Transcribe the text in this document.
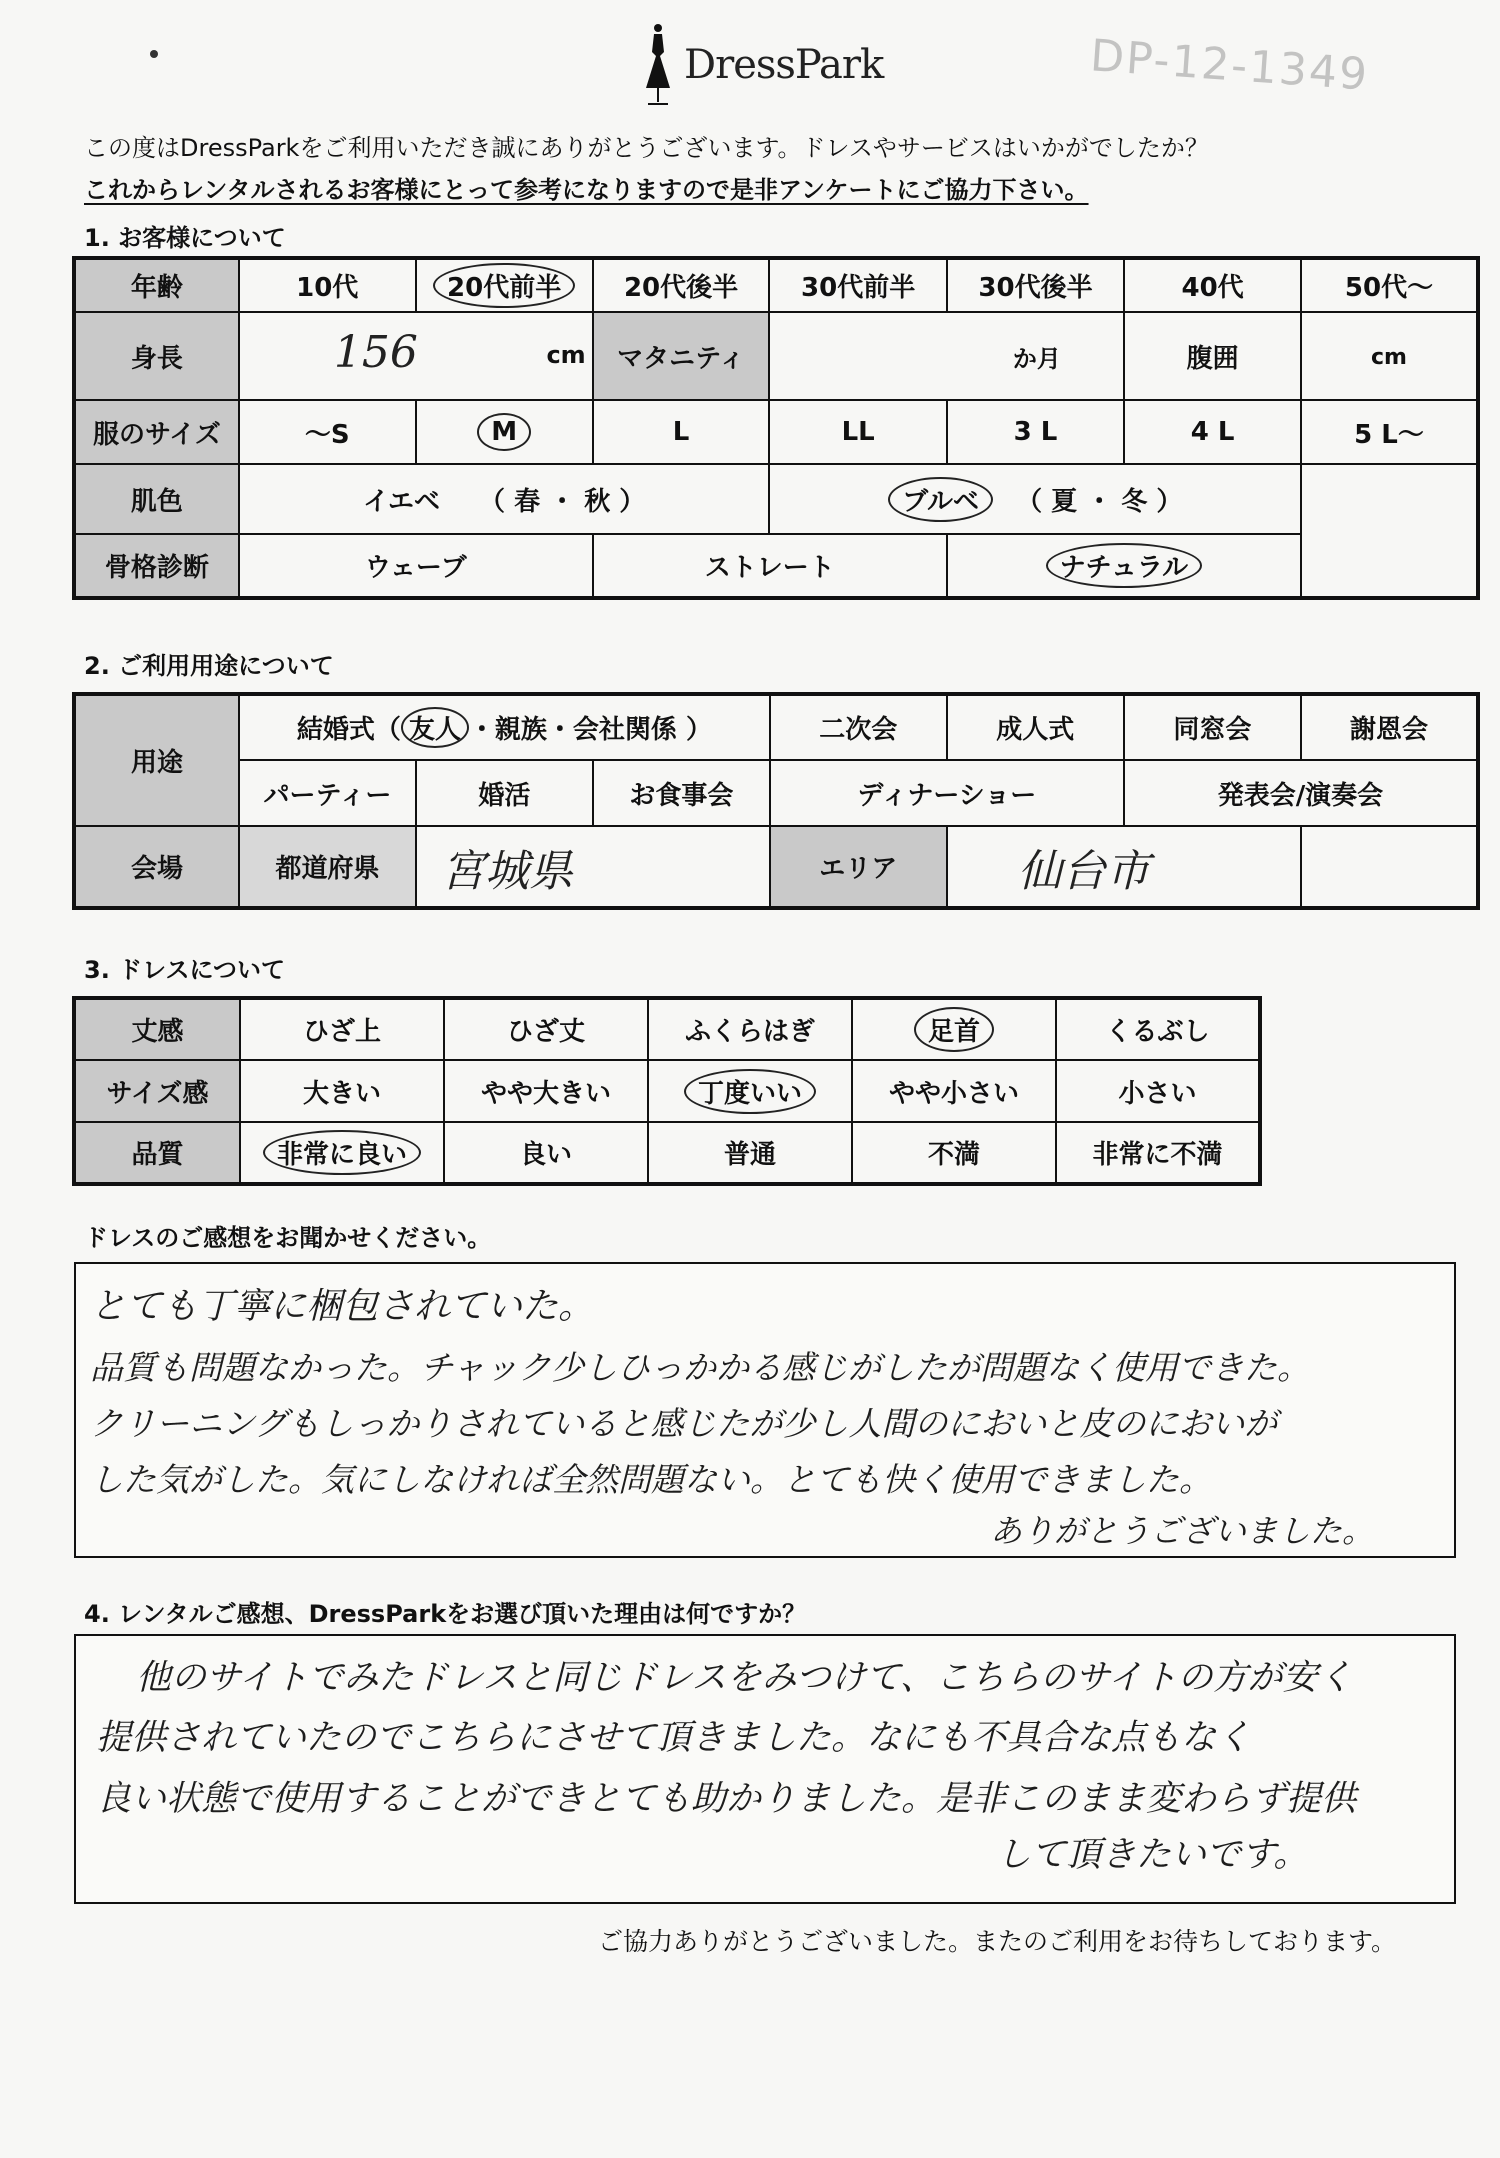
DressPark	DP-12-1349
この度はDressParkをご利用いただき誠にありがとうございます。ドレスやサービスはいかがでしたか？
これからレンタルされるお客様にとって参考になりますので是非アンケートにご協力下さい。
1. お客様について
年齢	10代	20代前半	20代後半	30代前半	30代後半	40代	50代〜
身長	156 cm		マタニティ	か月		腹囲	cm
服のサイズ	〜S	M	L	LL	3 L	4 L	5 L〜
肌色	イエベ （ 春 ・ 秋 ）			ブルベ （ 夏 ・ 冬 ）			
骨格診断	ウェーブ		ストレート		ナチュラル		
2. ご利用用途について
用途	結婚式（ 友人 ・親族・会社関係 ）			二次会	成人式	同窓会	謝恩会
	パーティー	婚活	お食事会	ディナーショー		発表会/演奏会	
会場	都道府県	宮城県		エリア	仙台市		
3. ドレスについて
丈感	ひざ上	ひざ丈	ふくらはぎ	足首	くるぶし
サイズ感	大きい	やや大きい	丁度いい	やや小さい	小さい
品質	非常に良い	良い	普通	不満	非常に不満
ドレスのご感想をお聞かせください。

とても丁寧に梱包されていた。

品質も問題なかった。チャック少しひっかかる感じがしたが問題なく使用できた。

クリーニングもしっかりされていると感じたが少し人間のにおいと皮のにおいが

した気がした。気にしなければ全然問題ない。とても快く使用できました。

ありがとうございました。

4. レンタルご感想、DressParkをお選び頂いた理由は何ですか？

他のサイトでみたドレスと同じドレスをみつけて、こちらのサイトの方が安く

提供されていたのでこちらにさせて頂きました。なにも不具合な点もなく

良い状態で使用することができとても助かりました。是非このまま変わらず提供

して頂きたいです。

ご協力ありがとうございました。またのご利用をお待ちしております。
